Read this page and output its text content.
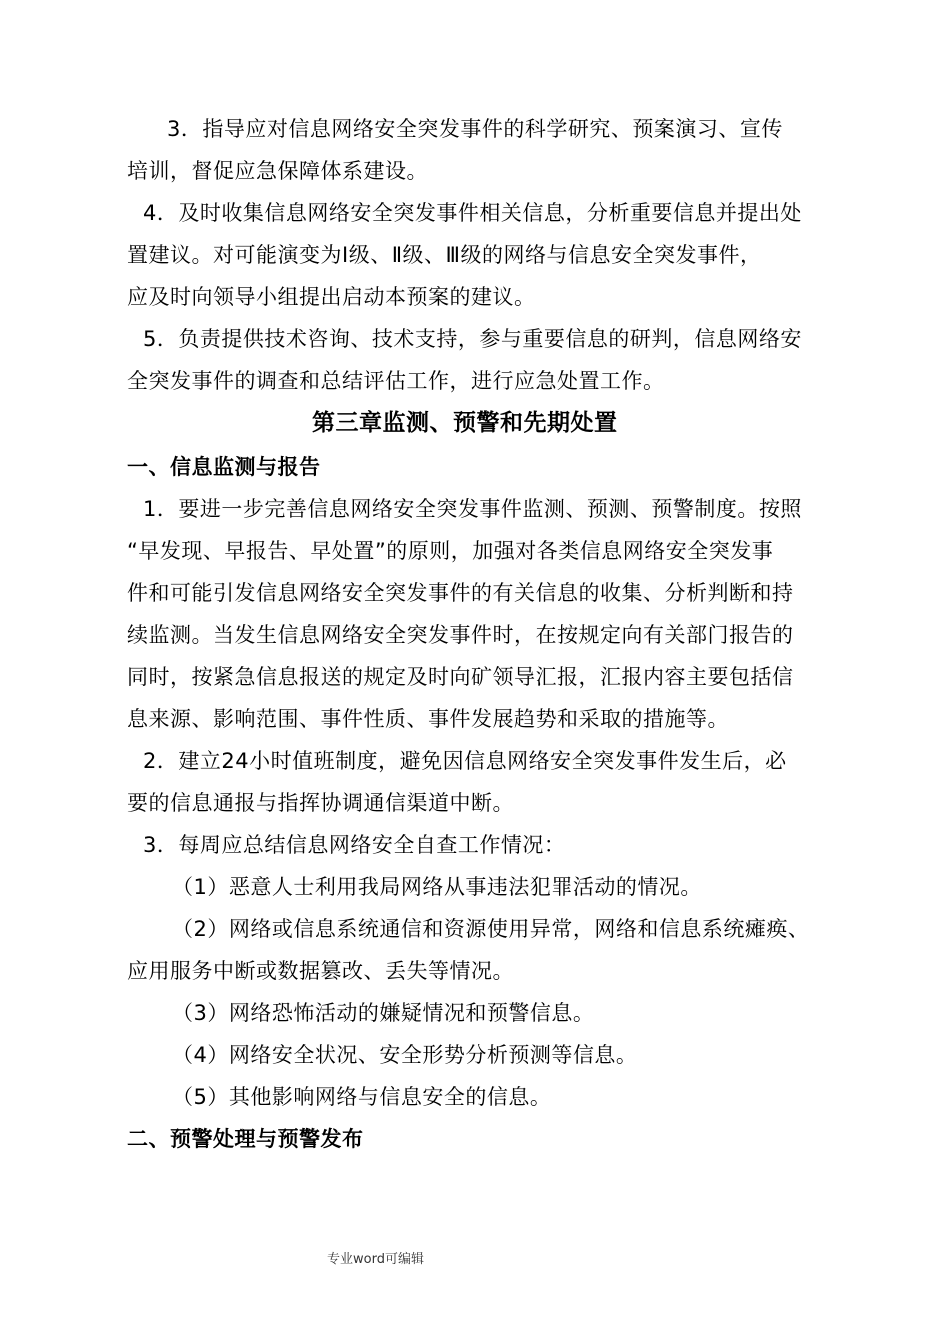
3．指导应对信息网络安全突发事件的科学研究、预案演习、宣传
培训，督促应急保障体系建设。
4．及时收集信息网络安全突发事件相关信息，分析重要信息并提出处
置建议。对可能演变为Ⅰ级、Ⅱ级、Ⅲ级的网络与信息安全突发事件，
应及时向领导小组提出启动本预案的建议。
5．负责提供技术咨询、技术支持，参与重要信息的研判，信息网络安
全突发事件的调查和总结评估工作，进行应急处置工作。
第三章监测、预警和先期处置
一、信息监测与报告
1．要进一步完善信息网络安全突发事件监测、预测、预警制度。按照
“早发现、早报告、早处置”的原则，加强对各类信息网络安全突发事
件和可能引发信息网络安全突发事件的有关信息的收集、分析判断和持
续监测。当发生信息网络安全突发事件时，在按规定向有关部门报告的
同时，按紧急信息报送的规定及时向矿领导汇报，汇报内容主要包括信
息来源、影响范围、事件性质、事件发展趋势和采取的措施等。
2．建立24小时值班制度，避免因信息网络安全突发事件发生后，必
要的信息通报与指挥协调通信渠道中断。
3．每周应总结信息网络安全自查工作情况：
（1）恶意人士利用我局网络从事违法犯罪活动的情况。
（2）网络或信息系统通信和资源使用异常，网络和信息系统瘫痪、
应用服务中断或数据篡改、丢失等情况。
（3）网络恐怖活动的嫌疑情况和预警信息。
（4）网络安全状况、安全形势分析预测等信息。
（5）其他影响网络与信息安全的信息。
二、预警处理与预警发布
专业word可编辑
